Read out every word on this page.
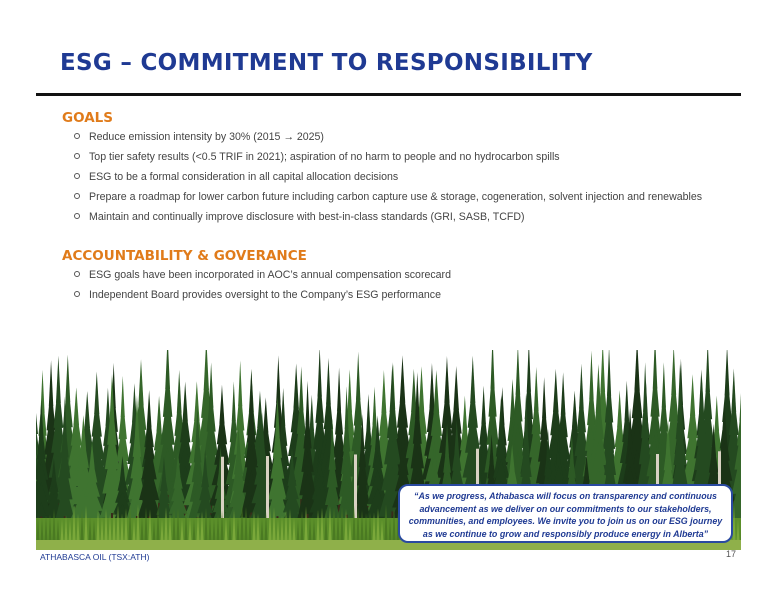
ESG – COMMITMENT TO RESPONSIBILITY
GOALS
Reduce emission intensity by 30% (2015 → 2025)
Top tier safety results (<0.5 TRIF in 2021); aspiration of no harm to people and no hydrocarbon spills
ESG to be a formal consideration in all capital allocation decisions
Prepare a roadmap for lower carbon future including carbon capture use & storage, cogeneration, solvent injection and renewables
Maintain and continually improve disclosure with best-in-class standards (GRI, SASB, TCFD)
ACCOUNTABILITY & GOVERANCE
ESG goals have been incorporated in AOC’s annual compensation scorecard
Independent Board provides oversight to the Company’s ESG performance
“As we progress, Athabasca will focus on transparency and continuous
advancement as we deliver on our commitments to our stakeholders,
communities, and employees. We invite you to join us on our ESG journey
as we continue to grow and responsibly produce energy in Alberta”
ATHABASCA OIL (TSX:ATH)	17
